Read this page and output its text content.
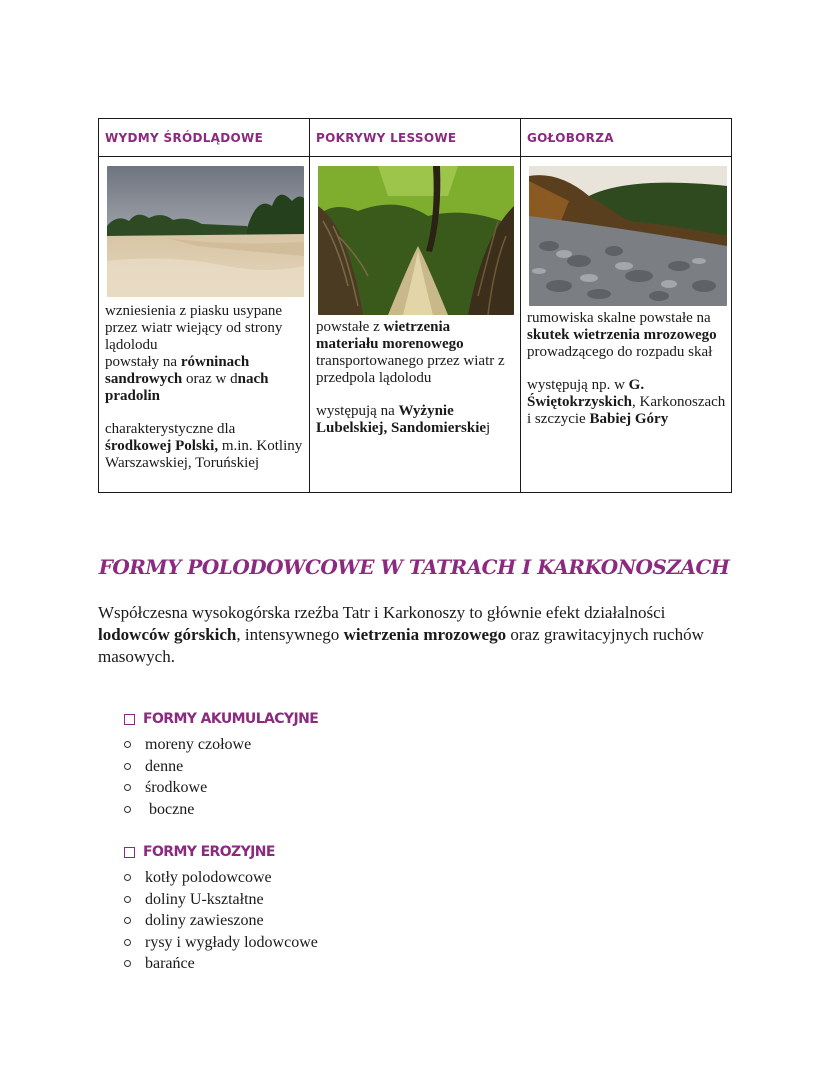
WYDMY ŚRÓDLĄDOWE	POKRYWY LESSOWE	GOŁOBORZA

wzniesienia z piasku usypane przez wiatr wiejący od strony lądolodu

powstały na równinach sandrowych oraz w dnach pradolin

charakterystyczne dla środkowej Polski, m.in. Kotliny Warszawskiej, Toruńskiej

powstałe z wietrzenia materiału morenowego transportowanego przez wiatr z przedpola lądolodu

występują na Wyżynie Lubelskiej, Sandomierskiej

rumowiska skalne powstałe na skutek wietrzenia mrozowego prowadzącego do rozpadu skał

występują np. w G. Świętokrzyskich, Karkonoszach i szczycie Babiej Góry

FORMY POLODOWCOWE W TATRACH I KARKONOSZACH
Współczesna wysokogórska rzeźba Tatr i Karkonoszy to głównie efekt działalności lodowców górskich, intensywnego wietrzenia mrozowego oraz grawitacyjnych ruchów masowych.
FORMY AKUMULACYJNE
moreny czołowe
denne
środkowe
boczne
FORMY EROZYJNE
kotły polodowcowe
doliny U-kształtne
doliny zawieszone
rysy i wygłady lodowcowe
barańce
